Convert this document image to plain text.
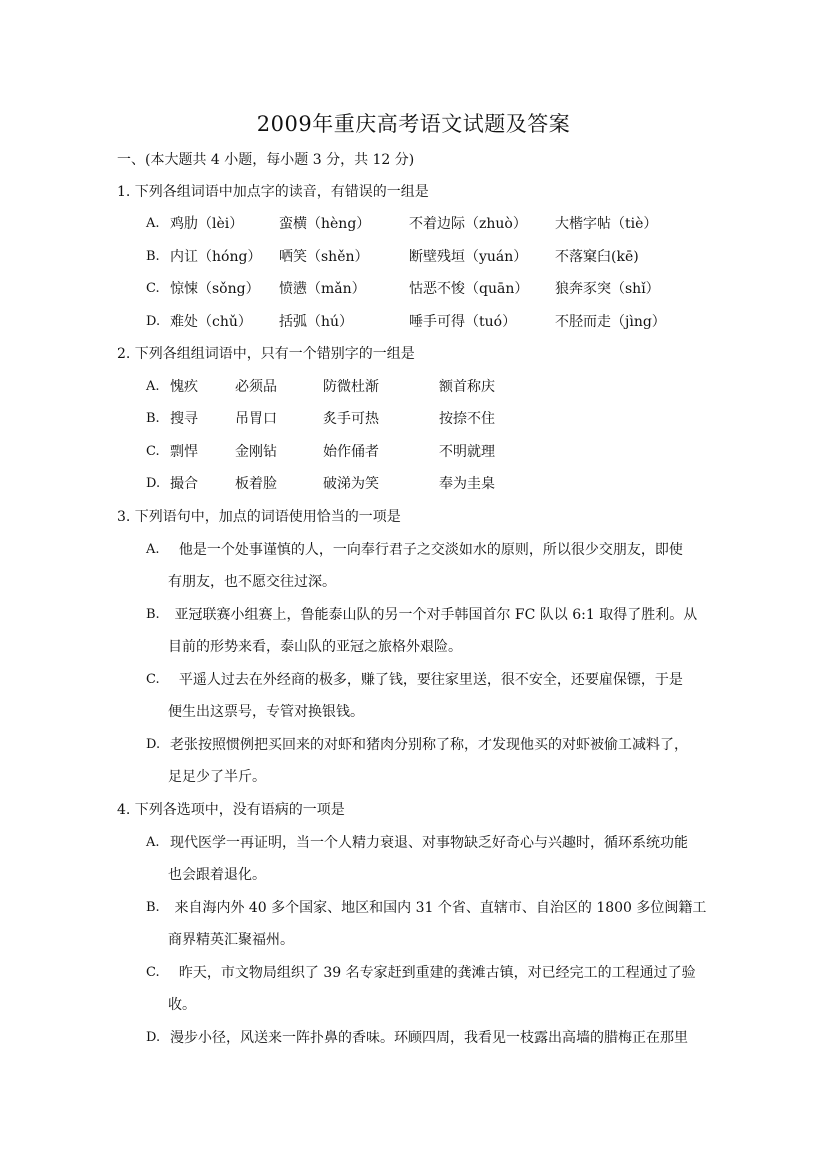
2009年重庆高考语文试题及答案
一、(本大题共 4 小题，每小题 3 分，共 12 分)
1. 下列各组词语中加点字的读音，有错误的一组是
A. 鸡肋（lèi）	蛮横（hèng）	不着边际（zhuò） 大楷字帖（tiè）
B. 内讧（hóng） 哂笑（shěn）	断壁残垣（yuán） 不落窠臼(kē)
C. 惊悚（sǒng） 愤懑（mǎn）	怙恶不悛（quān） 狼奔豕突（shǐ）
D. 难处（chǔ） 括弧（hú）	唾手可得（tuó）	不胫而走（jìng）
2. 下列各组组词语中，只有一个错别字的一组是
A. 愧疚	必须品	防微杜渐	额首称庆
B. 搜寻	吊胃口	炙手可热	按捺不住
C. 剽悍	金刚钻	始作俑者	不明就理
D. 撮合	板着脸	破涕为笑	奉为圭臬
3. 下列语句中，加点的词语使用恰当的一项是
A. 他是一个处事谨慎的人，一向奉行君子之交淡如水的原则，所以很少交朋友，即使
有朋友，也不愿交往过深。
B. 亚冠联赛小组赛上，鲁能泰山队的另一个对手韩国首尔 FC 队以 6:1 取得了胜利。从
目前的形势来看，泰山队的亚冠之旅格外艰险。
C. 平遥人过去在外经商的极多，赚了钱，要往家里送，很不安全，还要雇保镖，于是
便生出这票号，专管对换银钱。
D. 老张按照惯例把买回来的对虾和猪肉分别称了称，才发现他买的对虾被偷工减料了，
足足少了半斤。
4. 下列各选项中，没有语病的一项是
A. 现代医学一再证明，当一个人精力衰退、对事物缺乏好奇心与兴趣时，循环系统功能
也会跟着退化。
B. 来自海内外 40 多个国家、地区和国内 31 个省、直辖市、自治区的 1800 多位闽籍工
商界精英汇聚福州。
C. 昨天，市文物局组织了 39 名专家赶到重建的龚滩古镇，对已经完工的工程通过了验
收。
D. 漫步小径，风送来一阵扑鼻的香味。环顾四周，我看见一枝露出高墙的腊梅正在那里
